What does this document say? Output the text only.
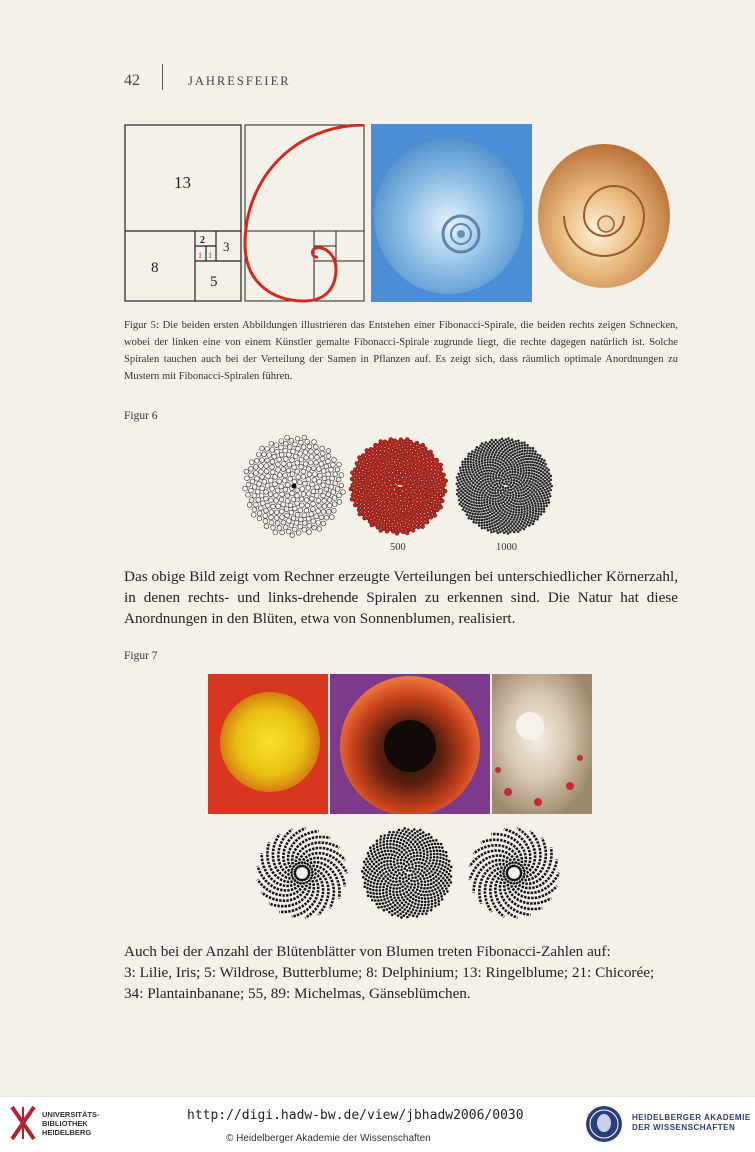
42	JAHRESFEIER
13
8
5
3
2
1 1
Figur 5: Die beiden ersten Abbildungen illustrieren das Entstehen einer Fibonacci-Spirale, die beiden rechts zeigen Schnecken, wobei der linken eine von einem Künstler gemalte Fibonacci-Spirale zugrunde liegt, die rechte dagegen natürlich ist. Solche Spiralen tauchen auch bei der Verteilung der Samen in Pflanzen auf. Es zeigt sich, dass räumlich optimale Anordnungen zu Mustern mit Fibonacci-Spiralen führen.
Figur 6
500	1000
Das obige Bild zeigt vom Rechner erzeugte Verteilungen bei unterschiedlicher Körnerzahl, in denen rechts- und links-drehende Spiralen zu erkennen sind. Die Natur hat diese Anordnungen in den Blüten, etwa von Sonnenblumen, realisiert.
Figur 7
Auch bei der Anzahl der Blütenblätter von Blumen treten Fibonacci-Zahlen auf:
3: Lilie, Iris; 5: Wildrose, Butterblume; 8: Delphinium; 13: Ringelblume; 21: Chicorée;
34: Plantainbanane; 55, 89: Michelmas, Gänseblümchen.
UNIVERSITÄTS-
BIBLIOTHEK
HEIDELBERG
http://digi.hadw-bw.de/view/jbhadw2006/0030
© Heidelberger Akademie der Wissenschaften
HEIDELBERGER AKADEMIE
DER WISSENSCHAFTEN
